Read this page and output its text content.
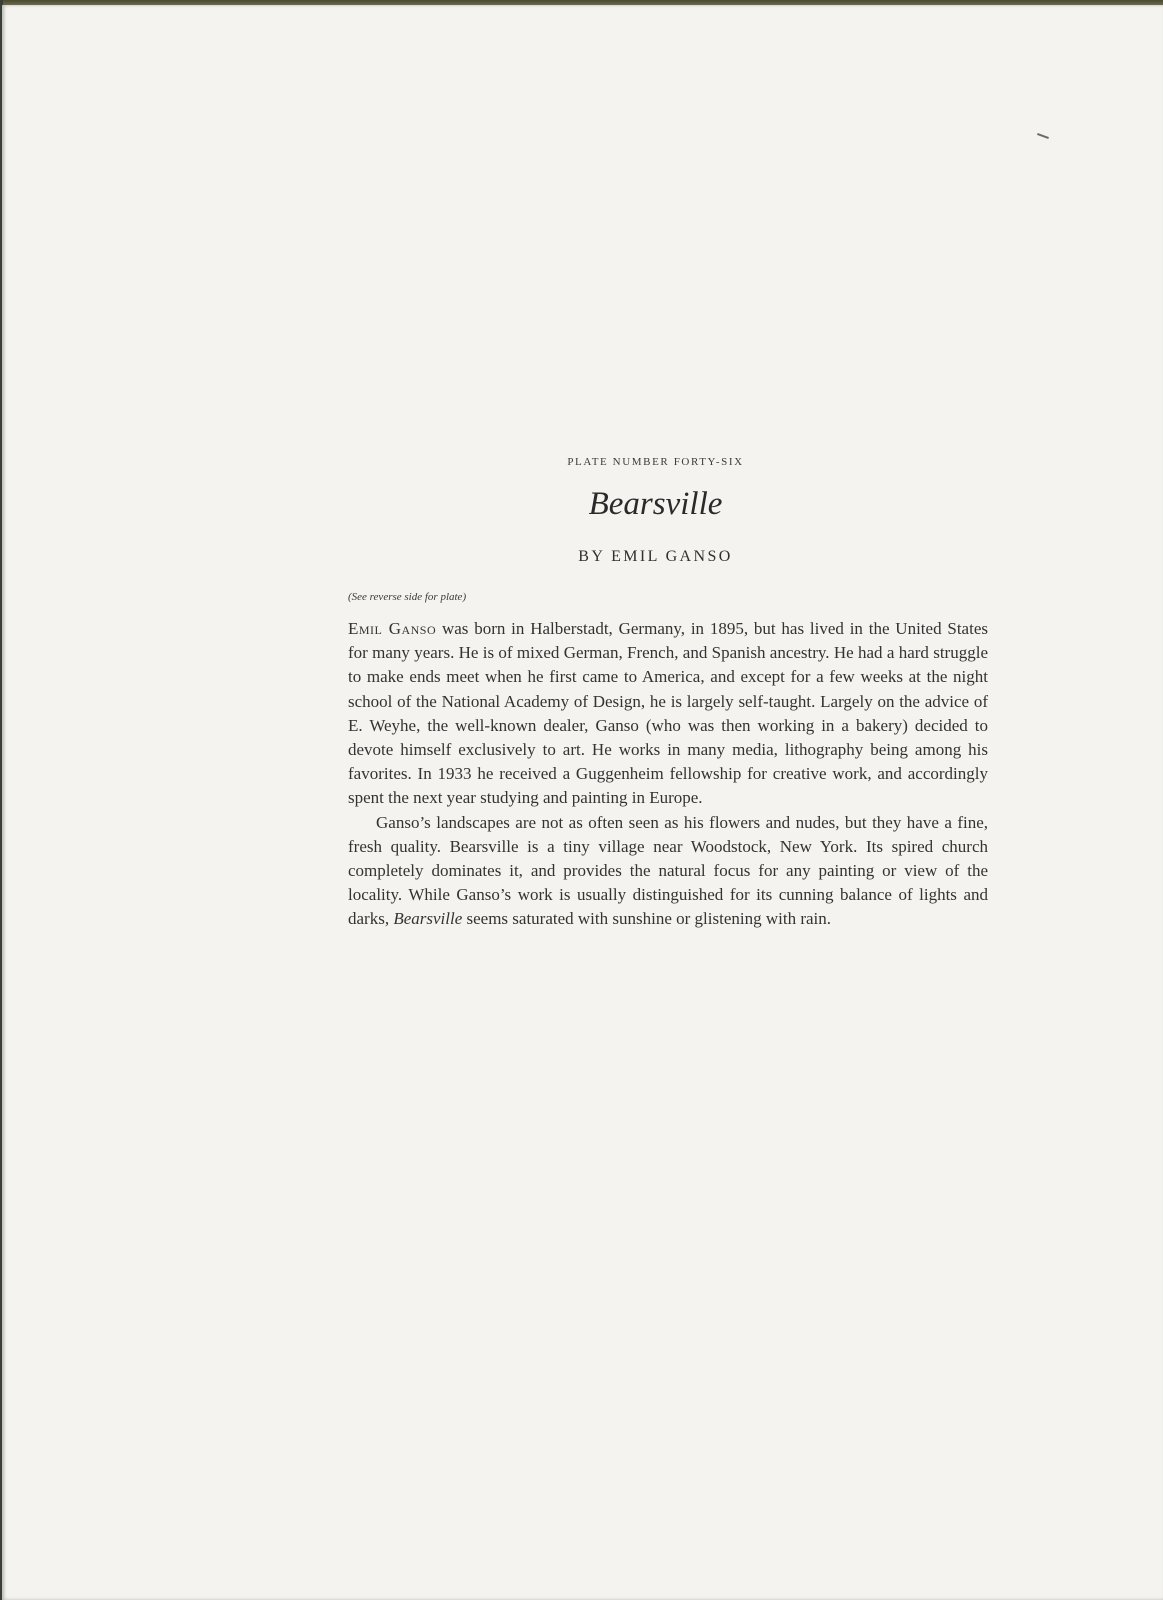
PLATE NUMBER FORTY-SIX
Bearsville
BY EMIL GANSO
(See reverse side for plate)

Emil Ganso was born in Halberstadt, Germany, in 1895, but has lived in the United States for many years. He is of mixed German, French, and Spanish ancestry. He had a hard struggle to make ends meet when he first came to America, and except for a few weeks at the night school of the National Academy of Design, he is largely self-taught. Largely on the advice of E. Weyhe, the well-known dealer, Ganso (who was then working in a bakery) decided to devote himself exclusively to art. He works in many media, lithography being among his favorites. In 1933 he received a Guggenheim fellowship for creative work, and accordingly spent the next year studying and painting in Europe.

Ganso’s landscapes are not as often seen as his flowers and nudes, but they have a fine, fresh quality. Bearsville is a tiny village near Woodstock, New York. Its spired church completely dominates it, and provides the natural focus for any painting or view of the locality. While Ganso’s work is usually distinguished for its cunning balance of lights and darks, Bearsville seems saturated with sunshine or glistening with rain.
